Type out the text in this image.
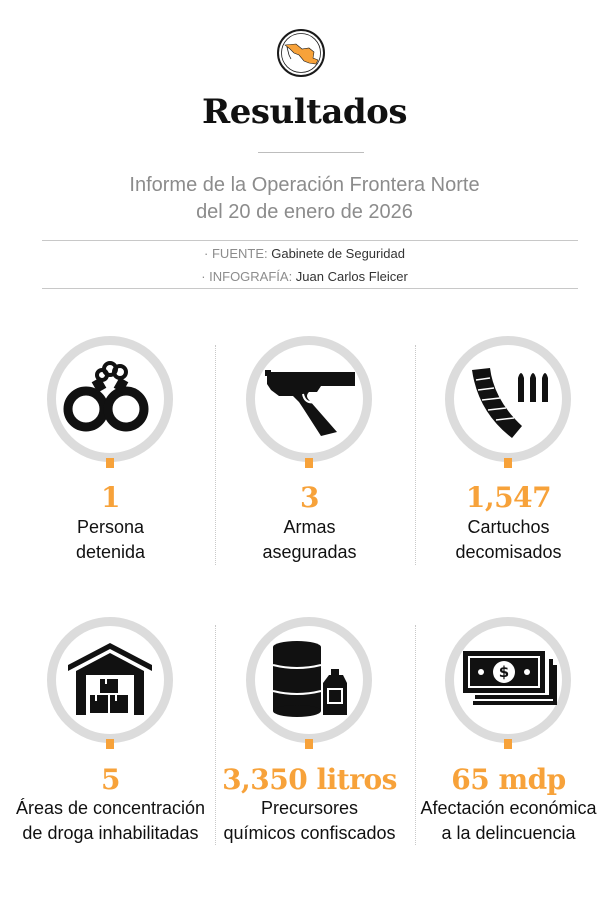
Resultados
Informe de la Operación Frontera Norte
del 20 de enero de 2026
· FUENTE: Gabinete de Seguridad
· INFOGRAFÍA: Juan Carlos Fleicer
1
Persona
detenida
3
Armas
aseguradas
1,547
Cartuchos
decomisados
5
Áreas de concentración
de droga inhabilitadas
3,350 litros
Precursores
químicos confiscados
$
65 mdp
Afectación económica
a la delincuencia
